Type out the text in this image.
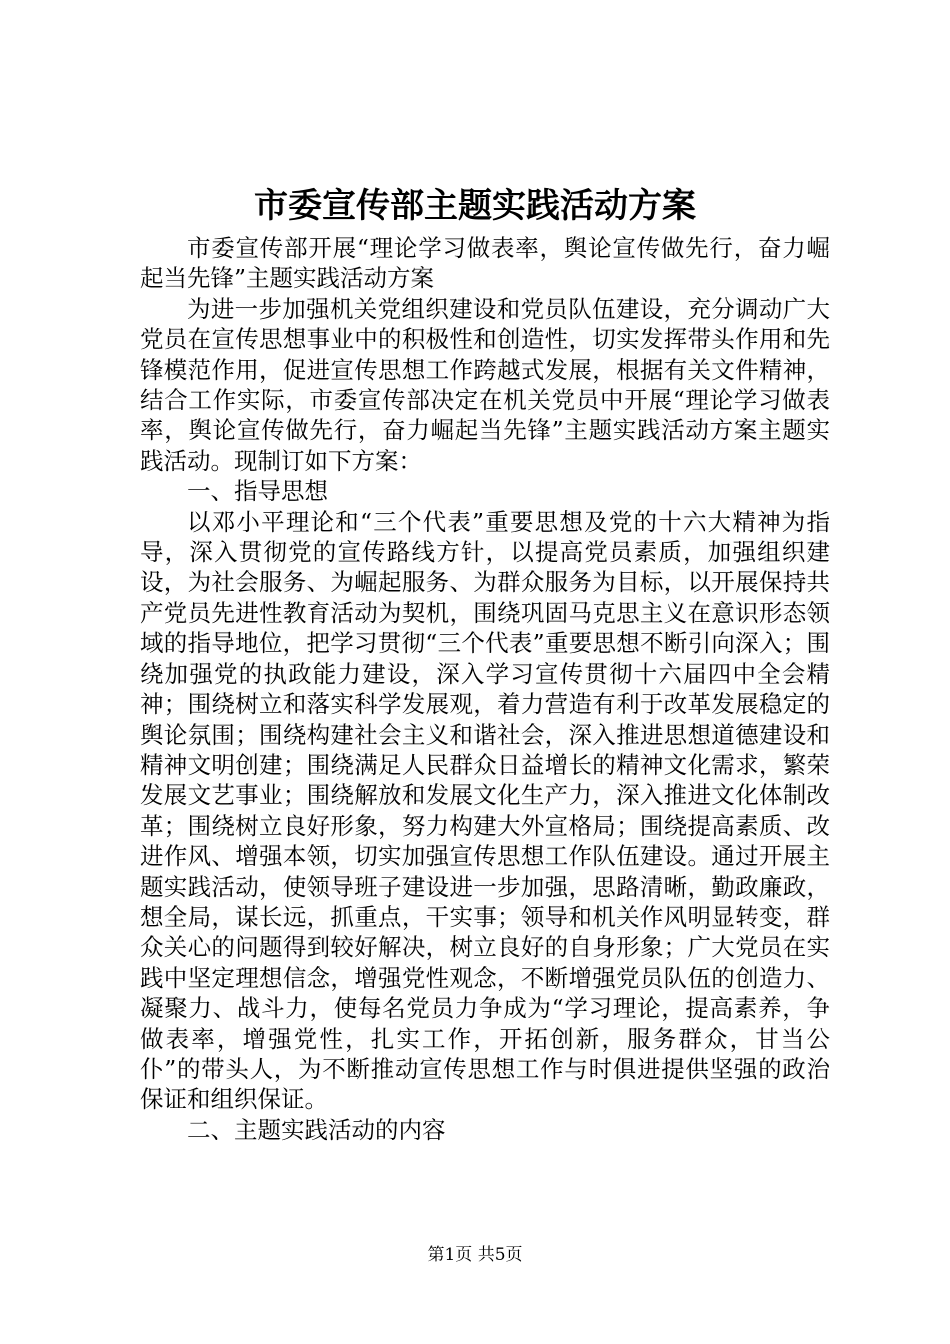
市委宣传部主题实践活动方案

市委宣传部开展“理论学习做表率，舆论宣传做先行，奋力崛起当先锋”主题实践活动方案

为进一步加强机关党组织建设和党员队伍建设，充分调动广大党员在宣传思想事业中的积极性和创造性，切实发挥带头作用和先锋模范作用，促进宣传思想工作跨越式发展，根据有关文件精神，结合工作实际，市委宣传部决定在机关党员中开展“理论学习做表率，舆论宣传做先行，奋力崛起当先锋”主题实践活动方案主题实践活动。现制订如下方案：

一、指导思想

以邓小平理论和“三个代表”重要思想及党的十六大精神为指导，深入贯彻党的宣传路线方针，以提高党员素质，加强组织建设，为社会服务、为崛起服务、为群众服务为目标，以开展保持共产党员先进性教育活动为契机，围绕巩固马克思主义在意识形态领域的指导地位，把学习贯彻“三个代表”重要思想不断引向深入；围绕加强党的执政能力建设，深入学习宣传贯彻十六届四中全会精神；围绕树立和落实科学发展观，着力营造有利于改革发展稳定的舆论氛围；围绕构建社会主义和谐社会，深入推进思想道德建设和精神文明创建；围绕满足人民群众日益增长的精神文化需求，繁荣发展文艺事业；围绕解放和发展文化生产力，深入推进文化体制改革；围绕树立良好形象，努力构建大外宣格局；围绕提高素质、改进作风、增强本领，切实加强宣传思想工作队伍建设。通过开展主题实践活动，使领导班子建设进一步加强，思路清晰，勤政廉政，想全局，谋长远，抓重点，干实事；领导和机关作风明显转变，群众关心的问题得到较好解决，树立良好的自身形象；广大党员在实践中坚定理想信念，增强党性观念，不断增强党员队伍的创造力、凝聚力、战斗力，使每名党员力争成为“学习理论，提高素养，争做表率，增强党性，扎实工作，开拓创新，服务群众，甘当公仆”的带头人，为不断推动宣传思想工作与时俱进提供坚强的政治保证和组织保证。

二、主题实践活动的内容

第1页 共5页
